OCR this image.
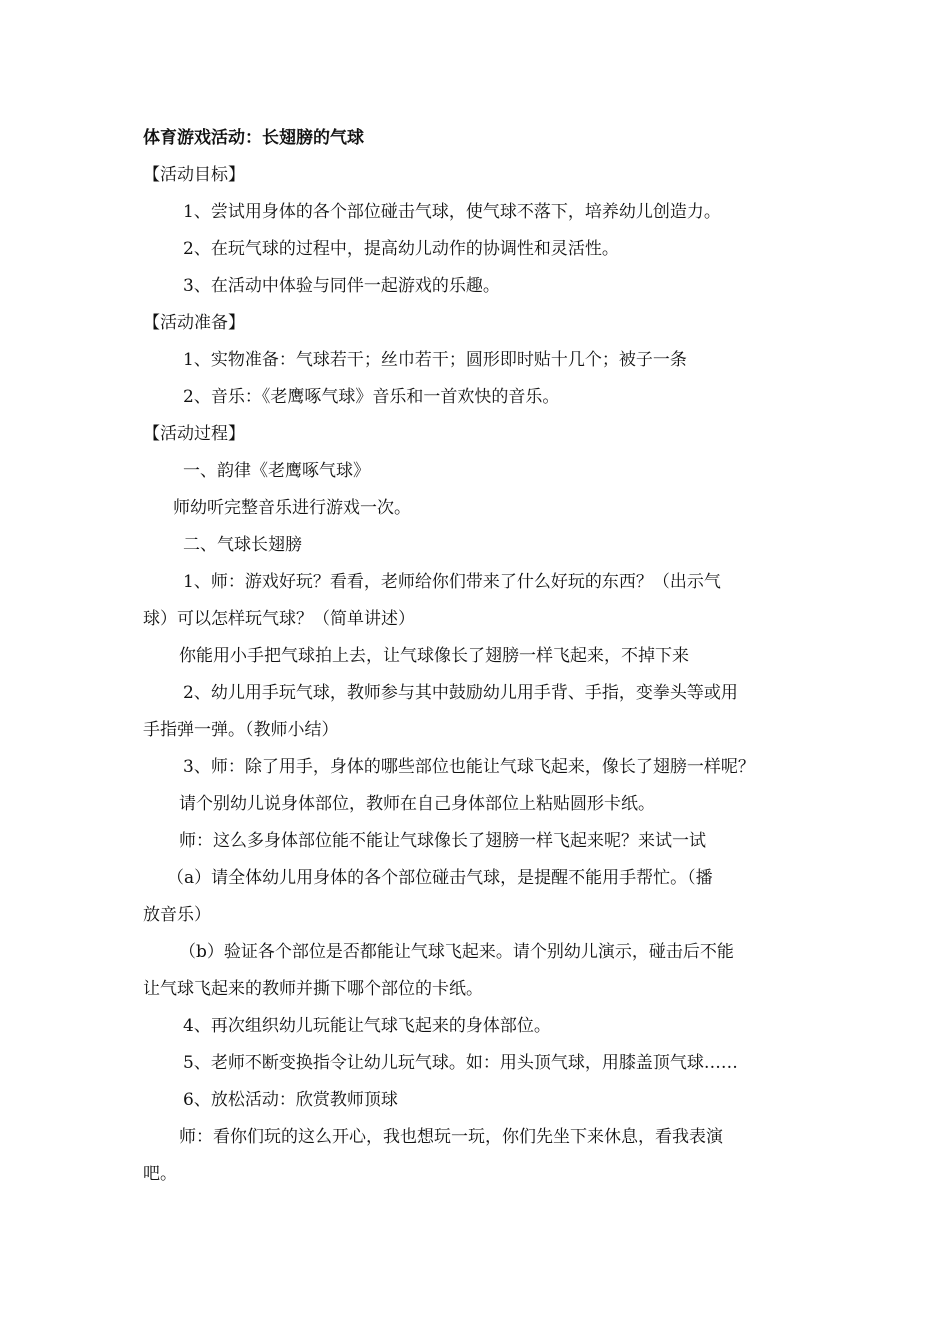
体育游戏活动：长翅膀的气球

【活动目标】

1、尝试用身体的各个部位碰击气球，使气球不落下，培养幼儿创造力。

2、在玩气球的过程中，提高幼儿动作的协调性和灵活性。

3、在活动中体验与同伴一起游戏的乐趣。

【活动准备】

1、实物准备：气球若干；丝巾若干；圆形即时贴十几个；被子一条

2、音乐：《老鹰啄气球》音乐和一首欢快的音乐。

【活动过程】

一、韵律《老鹰啄气球》

师幼听完整音乐进行游戏一次。

二、气球长翅膀

1、师：游戏好玩？看看，老师给你们带来了什么好玩的东西？（出示气

球）可以怎样玩气球？（简单讲述）

你能用小手把气球拍上去，让气球像长了翅膀一样飞起来，不掉下来

2、幼儿用手玩气球，教师参与其中鼓励幼儿用手背、手指，变拳头等或用

手指弹一弹。（教师小结）

3、师：除了用手，身体的哪些部位也能让气球飞起来，像长了翅膀一样呢？

请个别幼儿说身体部位，教师在自己身体部位上粘贴圆形卡纸。

师：这么多身体部位能不能让气球像长了翅膀一样飞起来呢？来试一试

（a）请全体幼儿用身体的各个部位碰击气球，是提醒不能用手帮忙。（播

放音乐）

（b）验证各个部位是否都能让气球飞起来。请个别幼儿演示，碰击后不能

让气球飞起来的教师并撕下哪个部位的卡纸。

4、再次组织幼儿玩能让气球飞起来的身体部位。

5、老师不断变换指令让幼儿玩气球。如：用头顶气球，用膝盖顶气球……

6、放松活动：欣赏教师顶球

师：看你们玩的这么开心，我也想玩一玩，你们先坐下来休息，看我表演

吧。
